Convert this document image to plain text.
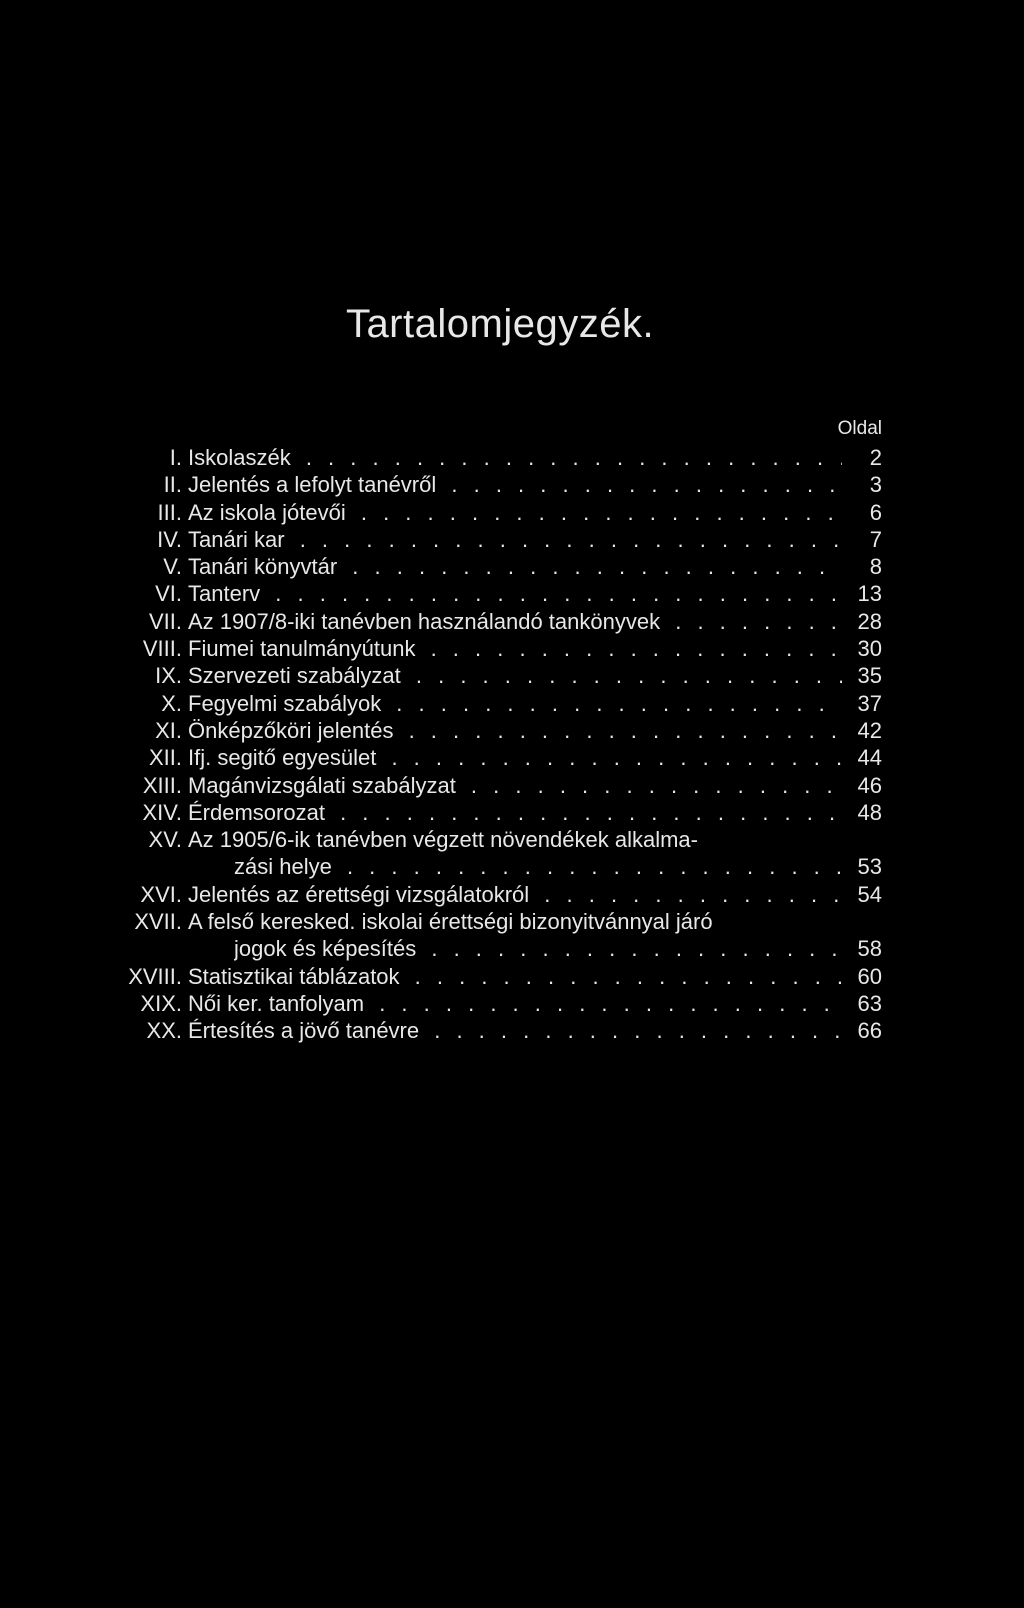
Tartalomjegyzék.
Oldal
I. Iskolaszék . . .	2
II. Jelentés a lefolyt tanévről . . .	3
III. Az iskola jótevői . . .	6
IV. Tanári kar . . .	7
V. Tanári könyvtár . . .	8
VI. Tanterv . . .	13
VII. Az 1907/8-iki tanévben használandó tankönyvek . . .	28
VIII. Fiumei tanulmányútunk . . .	30
IX. Szervezeti szabályzat . . .	35
X. Fegyelmi szabályok . . .	37
XI. Önképzőköri jelentés . . .	42
XII. Ifj. segitő egyesület . . .	44
XIII. Magánvizsgálati szabályzat . . .	46
XIV. Érdemsorozat . . .	48
XV. Az 1905/6-ik tanévben végzett növendékek alkalma-
zási helye . . .	53
XVI. Jelentés az érettségi vizsgálatokról . . .	54
XVII. A felső keresked. iskolai érettségi bizonyitvánnyal járó
jogok és képesítés . . .	58
XVIII. Statisztikai táblázatok . . .	60
XIX. Női ker. tanfolyam . . .	63
XX. Értesítés a jövő tanévre . . .	66
